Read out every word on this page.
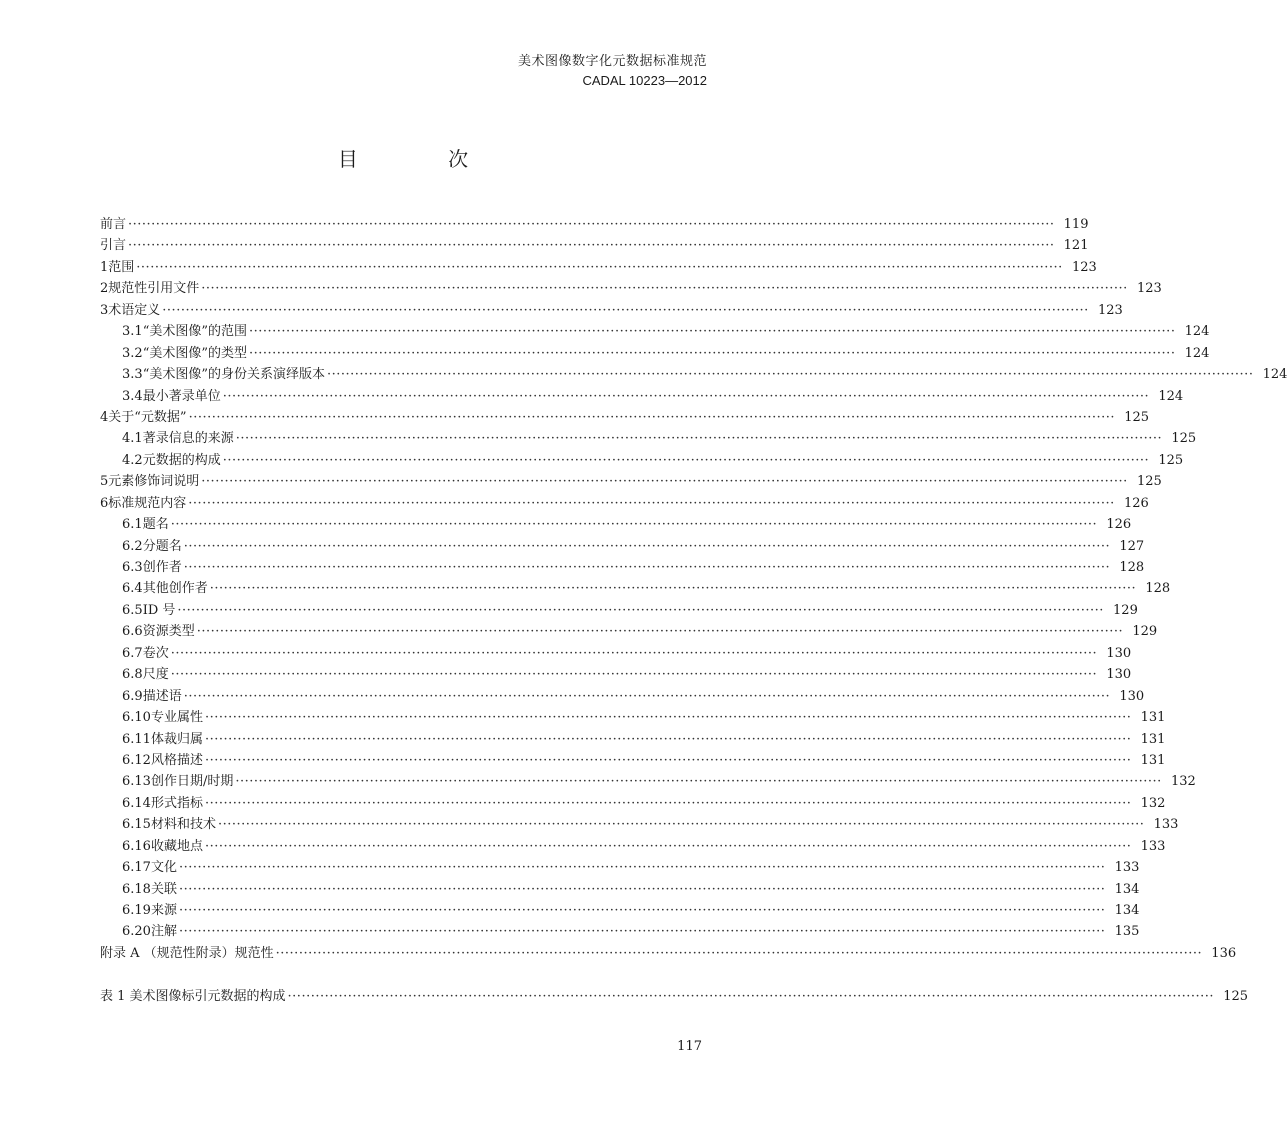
美术图像数字化元数据标准规范
CADAL 10223—2012
目 次
前言 ········································································································································································································ 119
引言 ········································································································································································································ 121
1 范围 ········································································································································································································ 123
2 规范性引用文件 ········································································································································································································ 123
3 术语定义 ········································································································································································································ 123
3.1 “美术图像”的范围 ········································································································································································································ 124
3.2 “美术图像”的类型 ········································································································································································································ 124
3.3 “美术图像”的身份关系演绎版本 ········································································································································································································ 124
3.4 最小著录单位 ········································································································································································································ 124
4 关于“元数据” ········································································································································································································ 125
4.1 著录信息的来源 ········································································································································································································ 125
4.2 元数据的构成 ········································································································································································································ 125
5 元素修饰词说明 ········································································································································································································ 125
6 标准规范内容 ········································································································································································································ 126
6.1 题名 ········································································································································································································ 126
6.2 分题名 ········································································································································································································ 127
6.3 创作者 ········································································································································································································ 128
6.4 其他创作者 ········································································································································································································ 128
6.5 ID 号 ········································································································································································································ 129
6.6 资源类型 ········································································································································································································ 129
6.7 卷次 ········································································································································································································ 130
6.8 尺度 ········································································································································································································ 130
6.9 描述语 ········································································································································································································ 130
6.10 专业属性 ········································································································································································································ 131
6.11 体裁归属 ········································································································································································································ 131
6.12 风格描述 ········································································································································································································ 131
6.13 创作日期/时期 ········································································································································································································ 132
6.14 形式指标 ········································································································································································································ 132
6.15 材料和技术 ········································································································································································································ 133
6.16 收藏地点 ········································································································································································································ 133
6.17 文化 ········································································································································································································ 133
6.18 关联 ········································································································································································································ 134
6.19 来源 ········································································································································································································ 134
6.20 注解 ········································································································································································································ 135
附录 A （规范性附录）规范性 ········································································································································································································ 136
表 1 美术图像标引元数据的构成 ········································································································································································································ 125
117
